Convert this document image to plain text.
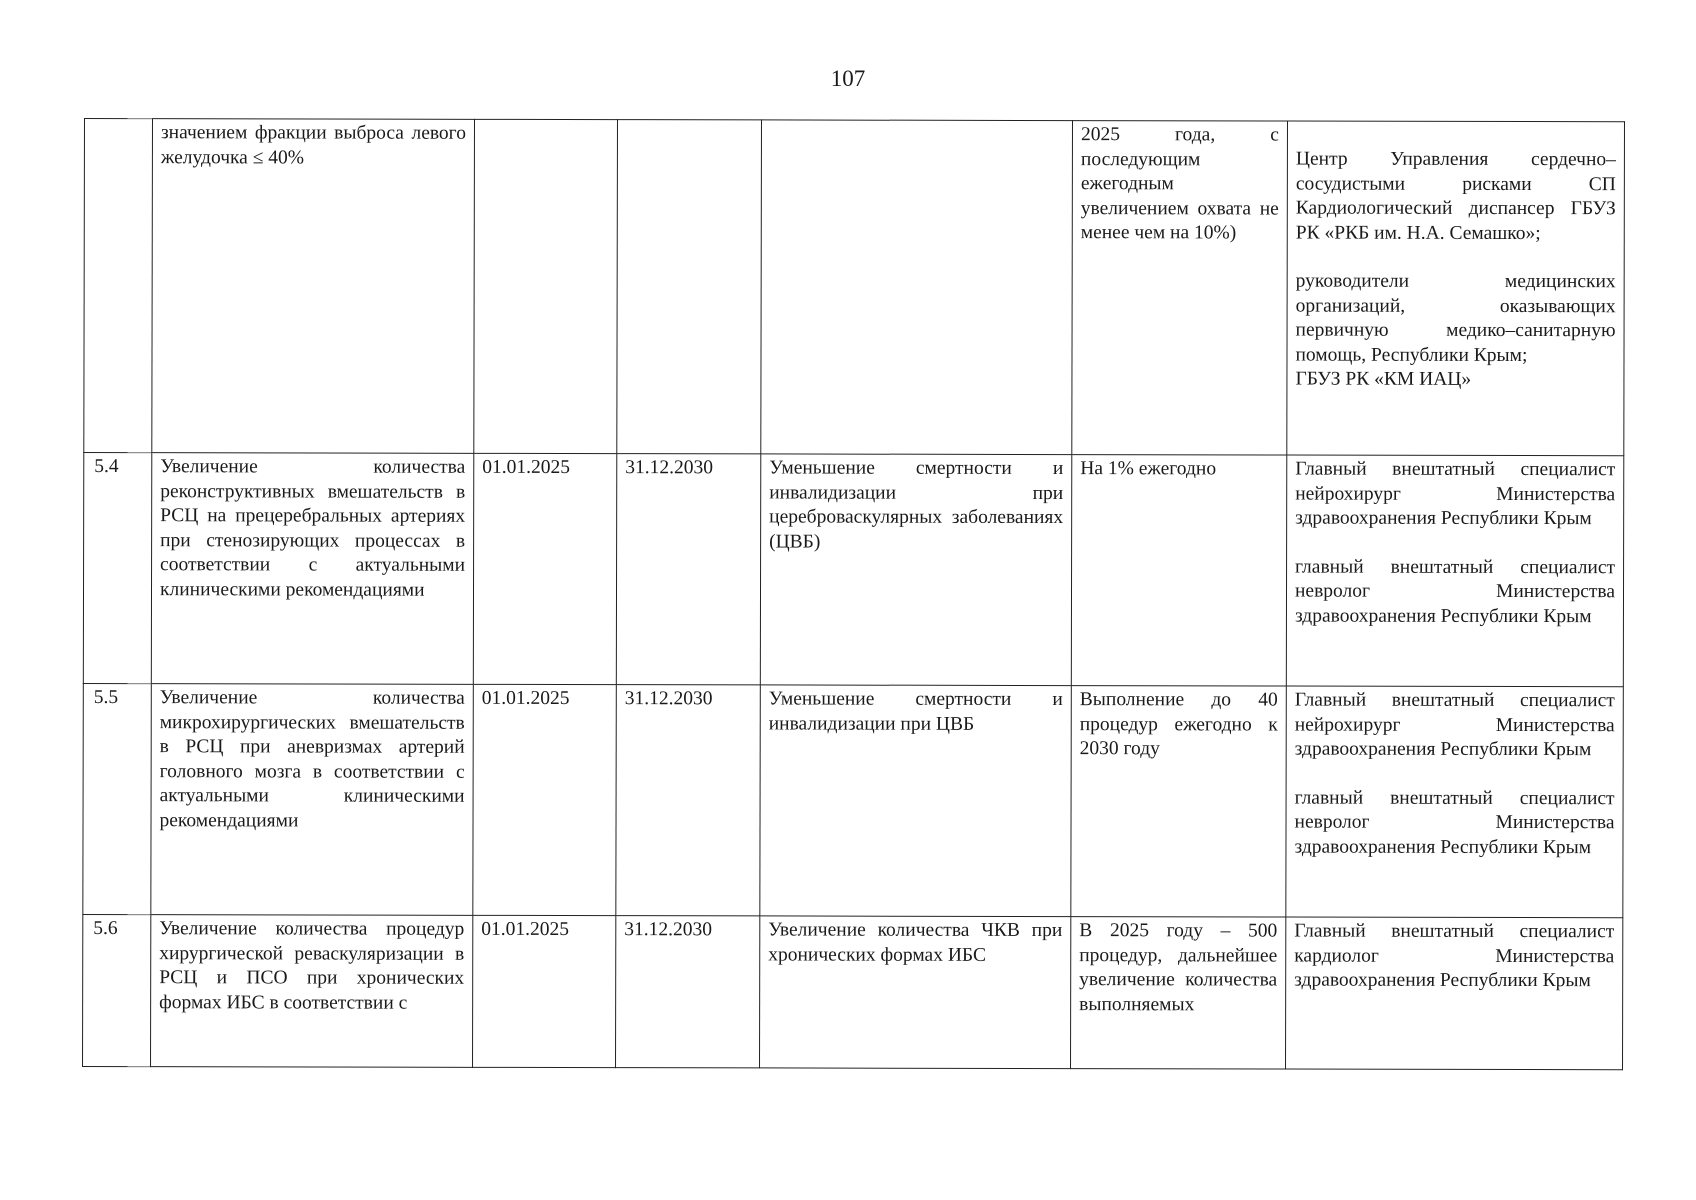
107

	значением фракции выброса левого желудочка ≤ 40%				2025 года, с последующим ежегодным увеличением охвата не менее чем на 10%)	Центр Управления сердечно–сосудистыми рисками СП Кардиологический диспансер ГБУЗ РК «РКБ им. Н.А. Семашко»;

руководители медицинских организаций, оказывающих первичную медико–санитарную помощь, Республики Крым;

ГБУЗ РК «КМ ИАЦ»

5.4	Увеличение количества реконструктивных вмешательств в РСЦ на прецеребральных артериях при стенозирующих процессах в соответствии с актуальными клиническими рекомендациями	01.01.2025	31.12.2030	Уменьшение смертности и инвалидизации при цереброваскулярных заболеваниях (ЦВБ)	На 1% ежегодно	Главный внештатный специалист нейрохирург Министерства здравоохранения Республики Крым

главный внештатный специалист невролог Министерства здравоохранения Республики Крым

5.5	Увеличение количества микрохирургических вмешательств в РСЦ при аневризмах артерий головного мозга в соответствии с актуальными клиническими рекомендациями	01.01.2025	31.12.2030	Уменьшение смертности и инвалидизации при ЦВБ	Выполнение до 40 процедур ежегодно к 2030 году	Главный внештатный специалист нейрохирург Министерства здравоохранения Республики Крым

главный внештатный специалист невролог Министерства здравоохранения Республики Крым

5.6	Увеличение количества процедур хирургической реваскуляризации в РСЦ и ПСО при хронических формах ИБС в соответствии с	01.01.2025	31.12.2030	Увеличение количества ЧКВ при хронических формах ИБС	В 2025 году – 500 процедур, дальнейшее увеличение количества выполняемых	Главный внештатный специалист кардиолог Министерства здравоохранения Республики Крым
